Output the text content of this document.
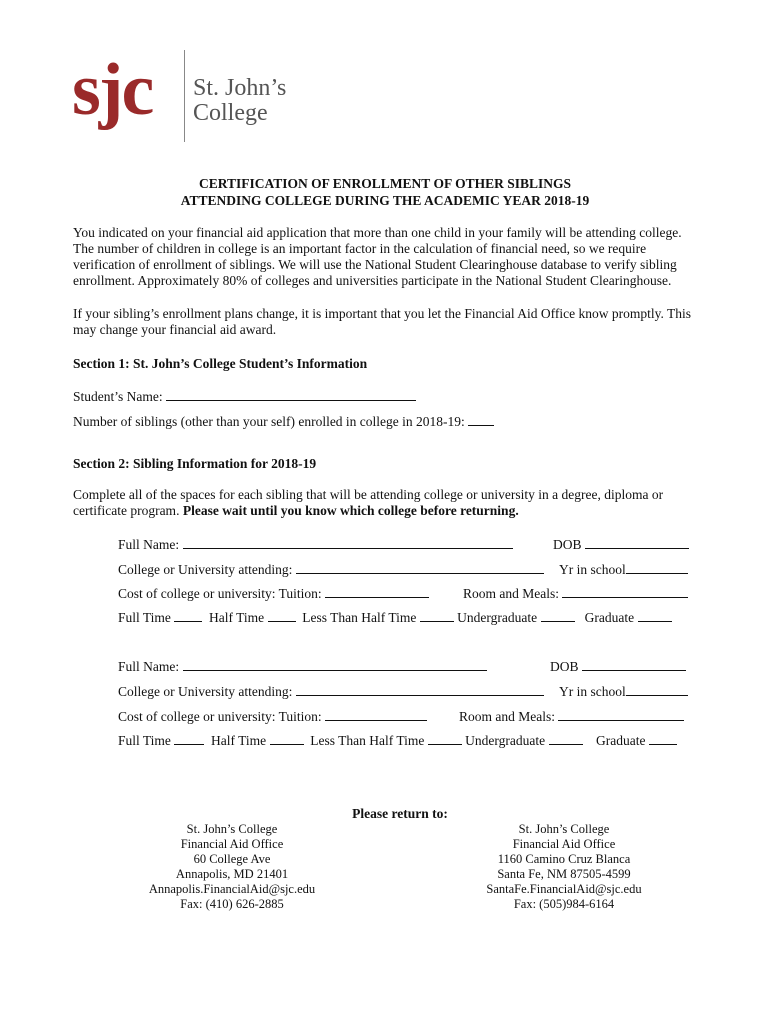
sjc St. John’s
College
CERTIFICATION OF ENROLLMENT OF OTHER SIBLINGS
ATTENDING COLLEGE DURING THE ACADEMIC YEAR 2018-19
You indicated on your financial aid application that more than one child in your family will be attending college.
The number of children in college is an important factor in the calculation of financial need, so we require
verification of enrollment of siblings. We will use the National Student Clearinghouse database to verify sibling
enrollment. Approximately 80% of colleges and universities participate in the National Student Clearinghouse.
If your sibling’s enrollment plans change, it is important that you let the Financial Aid Office know promptly. This
may change your financial aid award.
Section 1: St. John’s College Student’s Information
Student’s Name:
Number of siblings (other than your self) enrolled in college in 2018-19:
Section 2: Sibling Information for 2018-19
Complete all of the spaces for each sibling that will be attending college or university in a degree, diploma or
certificate program. Please wait until you know which college before returning.
Full Name:	DOB
College or University attending:	Yr in school
Cost of college or university: Tuition:	Room and Meals:
Full Time	Half Time	Less Than Half Time	Undergraduate	Graduate
Full Name:	DOB
College or University attending:	Yr in school
Cost of college or university: Tuition:	Room and Meals:
Full Time	Half Time	Less Than Half Time	Undergraduate	Graduate
Please return to:
St. John’s College
Financial Aid Office
60 College Ave
Annapolis, MD 21401
Annapolis.FinancialAid@sjc.edu
Fax: (410) 626-2885
St. John’s College
Financial Aid Office
1160 Camino Cruz Blanca
Santa Fe, NM 87505-4599
SantaFe.FinancialAid@sjc.edu
Fax: (505)984-6164
